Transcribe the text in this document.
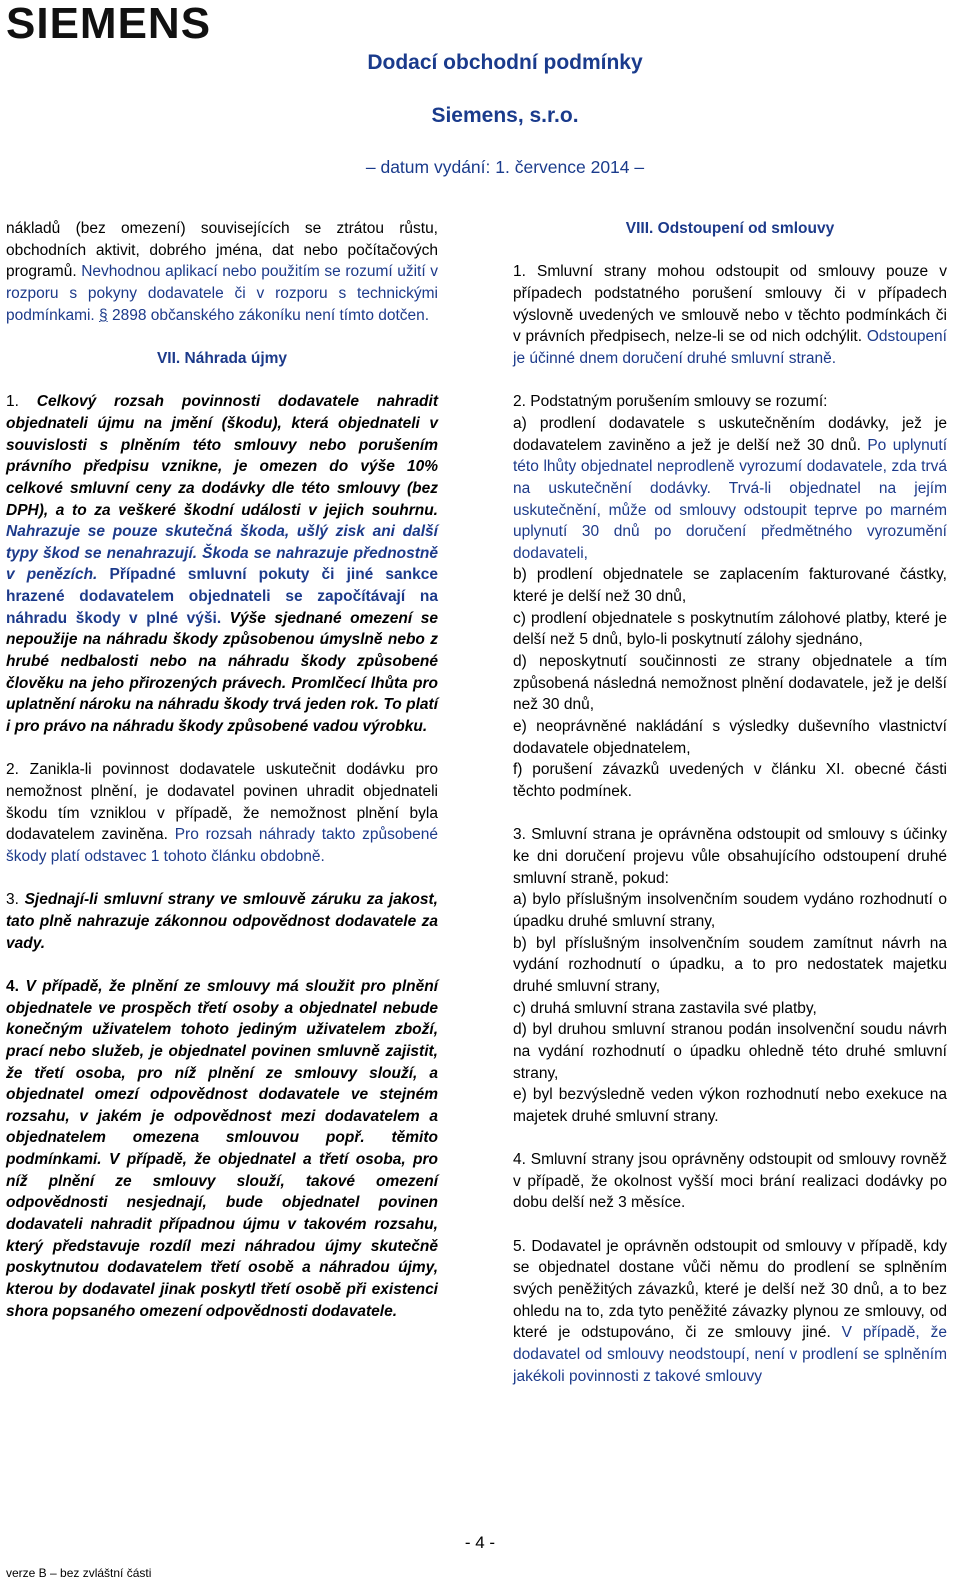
SIEMENS
Dodací obchodní podmínky
Siemens, s.r.o.
– datum vydání: 1. července 2014 –

nákladů (bez omezení) souvisejících se ztrátou růstu, obchodních aktivit, dobrého jména, dat nebo počítačových programů. Nevhodnou aplikací nebo použitím se rozumí užití v rozporu s pokyny dodavatele či v rozporu s technickými podmínkami. § 2898 občanského zákoníku není tímto dotčen.

VII. Náhrada újmy

1. Celkový rozsah povinnosti dodavatele nahradit objednateli újmu na jmění (škodu), která objednateli v souvislosti s plněním této smlouvy nebo porušením právního předpisu vznikne, je omezen do výše 10% celkové smluvní ceny za dodávky dle této smlouvy (bez DPH), a to za veškeré škodní události v jejich souhrnu. Nahrazuje se pouze skutečná škoda, ušlý zisk ani další typy škod se nenahrazují. Škoda se nahrazuje přednostně v penězích. Případné smluvní pokuty či jiné sankce hrazené dodavatelem objednateli se započítávají na náhradu škody v plné výši. Výše sjednané omezení se nepoužije na náhradu škody způsobenou úmyslně nebo z hrubé nedbalosti nebo na náhradu škody způsobené člověku na jeho přirozených právech. Promlčecí lhůta pro uplatnění nároku na náhradu škody trvá jeden rok. To platí i pro právo na náhradu škody způsobené vadou výrobku.

2. Zanikla-li povinnost dodavatele uskutečnit dodávku pro nemožnost plnění, je dodavatel povinen uhradit objednateli škodu tím vzniklou v případě, že nemožnost plnění byla dodavatelem zaviněna. Pro rozsah náhrady takto způsobené škody platí odstavec 1 tohoto článku obdobně.

3. Sjednají-li smluvní strany ve smlouvě záruku za jakost, tato plně nahrazuje zákonnou odpovědnost dodavatele za vady.

4. V případě, že plnění ze smlouvy má sloužit pro plnění objednatele ve prospěch třetí osoby a objednatel nebude konečným uživatelem tohoto jediným uživatelem zboží, prací nebo služeb, je objednatel povinen smluvně zajistit, že třetí osoba, pro níž plnění ze smlouvy slouží, a objednatel omezí odpovědnost dodavatele ve stejném rozsahu, v jakém je odpovědnost mezi dodavatelem a objednatelem omezena smlouvou popř. těmito podmínkami. V případě, že objednatel a třetí osoba, pro níž plnění ze smlouvy slouží, takové omezení odpovědnosti nesjednají, bude objednatel povinen dodavateli nahradit případnou újmu v takovém rozsahu, který představuje rozdíl mezi náhradou újmy skutečně poskytnutou dodavatelem třetí osobě a náhradou újmy, kterou by dodavatel jinak poskytl třetí osobě při existenci shora popsaného omezení odpovědnosti dodavatele.

VIII. Odstoupení od smlouvy

1. Smluvní strany mohou odstoupit od smlouvy pouze v případech podstatného porušení smlouvy či v případech výslovně uvedených ve smlouvě nebo v těchto podmínkách či v právních předpisech, nelze-li se od nich odchýlit. Odstoupení je účinné dnem doručení druhé smluvní straně.

2. Podstatným porušením smlouvy se rozumí:

a) prodlení dodavatele s uskutečněním dodávky, jež je dodavatelem zaviněno a jež je delší než 30 dnů. Po uplynutí této lhůty objednatel neprodleně vyrozumí dodavatele, zda trvá na uskutečnění dodávky. Trvá-li objednatel na jejím uskutečnění, může od smlouvy odstoupit teprve po marném uplynutí 30 dnů po doručení předmětného vyrozumění dodavateli,

b) prodlení objednatele se zaplacením fakturované částky, které je delší než 30 dnů,

c) prodlení objednatele s poskytnutím zálohové platby, které je delší než 5 dnů, bylo-li poskytnutí zálohy sjednáno,

d) neposkytnutí součinnosti ze strany objednatele a tím způsobená následná nemožnost plnění dodavatele, jež je delší než 30 dnů,

e) neoprávněné nakládání s výsledky duševního vlastnictví dodavatele objednatelem,

f) porušení závazků uvedených v článku XI. obecné části těchto podmínek.

3. Smluvní strana je oprávněna odstoupit od smlouvy s účinky ke dni doručení projevu vůle obsahujícího odstoupení druhé smluvní straně, pokud:

a) bylo příslušným insolvenčním soudem vydáno rozhodnutí o úpadku druhé smluvní strany,

b) byl příslušným insolvenčním soudem zamítnut návrh na vydání rozhodnutí o úpadku, a to pro nedostatek majetku druhé smluvní strany,

c) druhá smluvní strana zastavila své platby,

d) byl druhou smluvní stranou podán insolvenční soudu návrh na vydání rozhodnutí o úpadku ohledně této druhé smluvní strany,

e) byl bezvýsledně veden výkon rozhodnutí nebo exekuce na majetek druhé smluvní strany.

4. Smluvní strany jsou oprávněny odstoupit od smlouvy rovněž v případě, že okolnost vyšší moci brání realizaci dodávky po dobu delší než 3 měsíce.

5. Dodavatel je oprávněn odstoupit od smlouvy v případě, kdy se objednatel dostane vůči němu do prodlení se splněním svých peněžitých závazků, které je delší než 30 dnů, a to bez ohledu na to, zda tyto peněžité závazky plynou ze smlouvy, od které je odstupováno, či ze smlouvy jiné. V případě, že dodavatel od smlouvy neodstoupí, není v prodlení se splněním jakékoli povinnosti z takové smlouvy

- 4 -
verze B – bez zvláštní části
